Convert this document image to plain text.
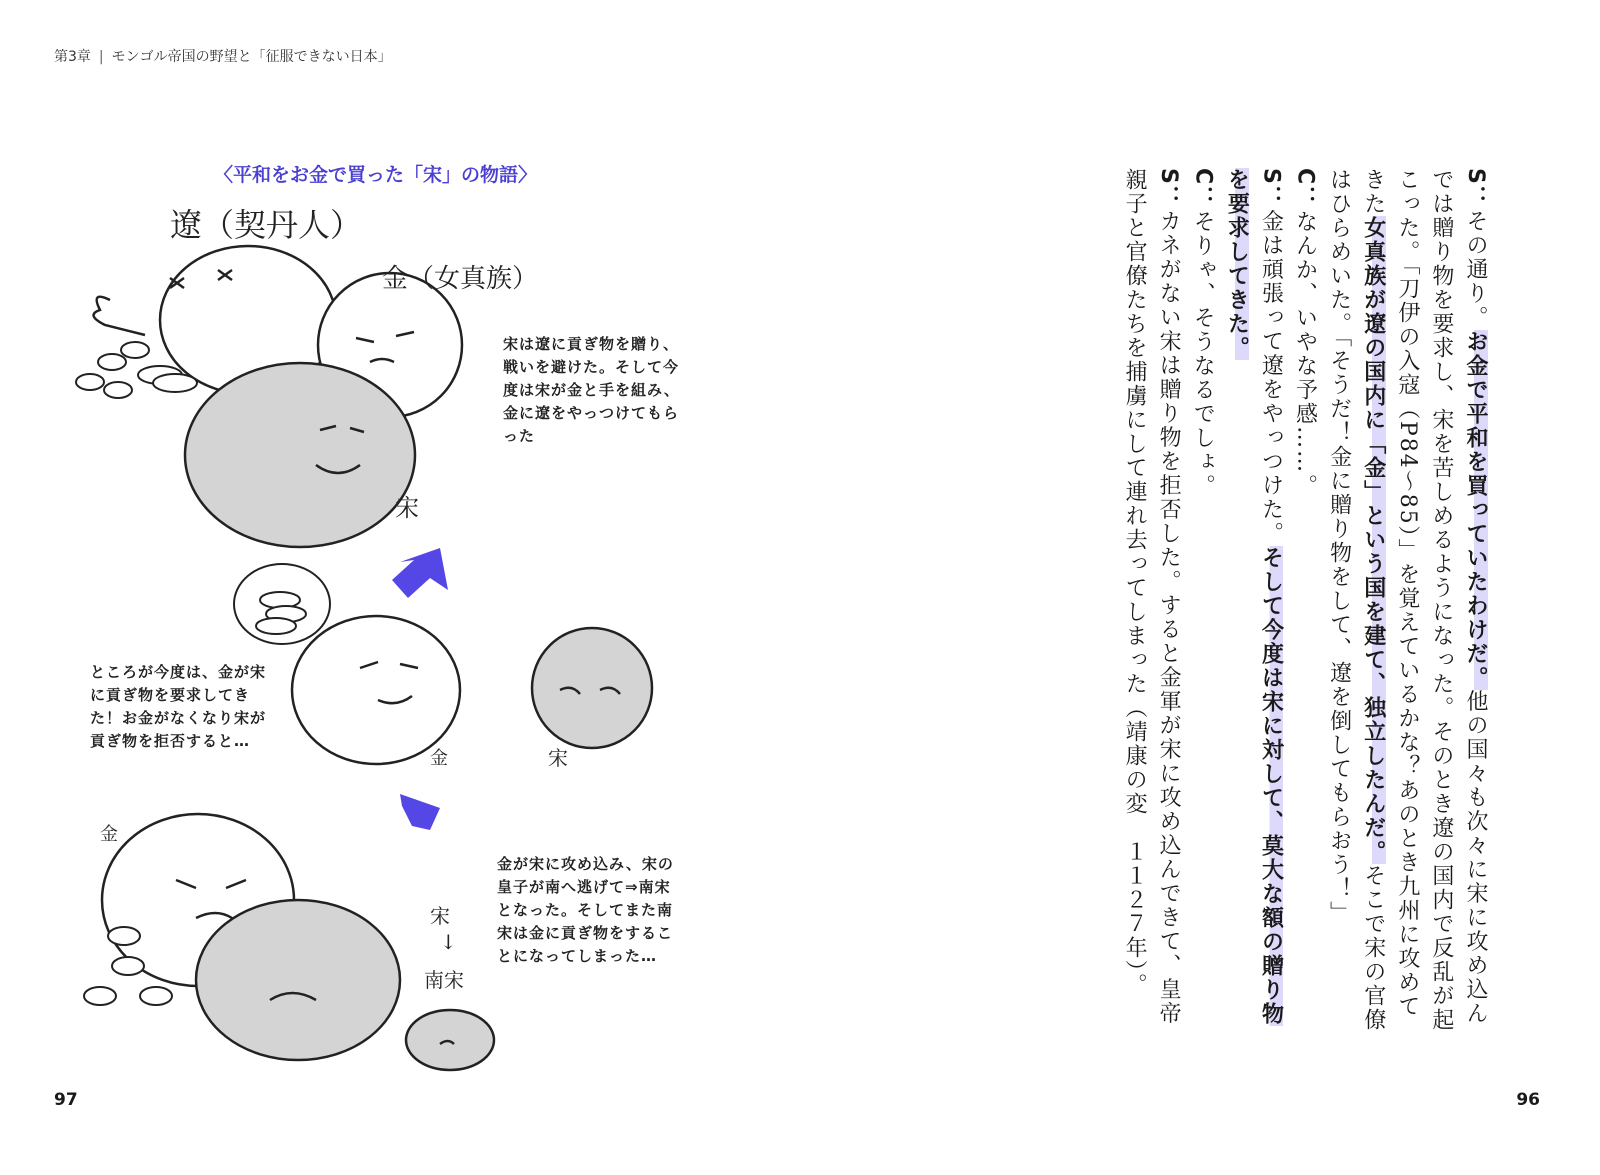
第3章 | モンゴル帝国の野望と「征服できない日本」
〈平和をお金で買った「宋」の物語〉
遼（契丹人）
金（女真族）
宋
金	宋
金
宋
↓
南宋
宋は遼に貢ぎ物を贈り、戦いを避けた。そして今度は宋が金と手を組み、金に遼をやっつけてもらった
ところが今度は、金が宋に貢ぎ物を要求してきた！お金がなくなり宋が貢ぎ物を拒否すると…
金が宋に攻め込み、宋の皇子が南へ逃げて⇒南宋となった。そしてまた南宋は金に貢ぎ物をすることになってしまった…

S：その通り。お金で平和を買っていたわけだ。他の国々も次々に宋に攻め込んでは贈り物を要求し、宋を苦しめるようになった。そのとき遼の国内で反乱が起こった。「刀伊の入寇（P84～85）」を覚えているかな？あのとき九州に攻めてきた女真族が遼の国内に「金」という国を建て、独立したんだ。そこで宋の官僚はひらめいた。「そうだ！金に贈り物をして、遼を倒してもらおう！」

C：なんか、いやな予感……。

S：金は頑張って遼をやっつけた。そして今度は宋に対して、莫大な額の贈り物を要求してきた。

C：そりゃ、そうなるでしょ。

S：カネがない宋は贈り物を拒否した。すると金軍が宋に攻め込んできて、皇帝親子と官僚たちを捕虜にして連れ去ってしまった（靖康の変　１１２７年）。

97	96
